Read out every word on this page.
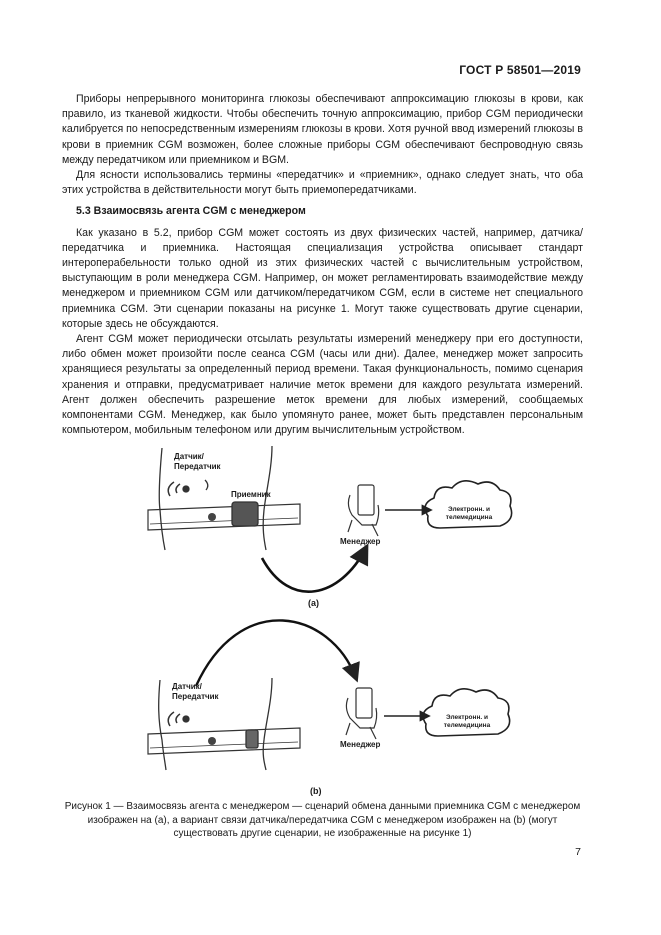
ГОСТ Р 58501—2019

Приборы непрерывного мониторинга глюкозы обеспечивают аппроксимацию глюкозы в крови, как правило, из тканевой жидкости. Чтобы обеспечить точную аппроксимацию, прибор CGM периодически калибруется по непосредственным измерениям глюкозы в крови. Хотя ручной ввод измерений глюкозы в крови в приемник CGM возможен, более сложные приборы CGM обеспечивают беспроводную связь между передатчиком или приемником и BGM.

Для ясности использовались термины «передатчик» и «приемник», однако следует знать, что оба этих устройства в действительности могут быть приемопередатчиками.

5.3 Взаимосвязь агента CGM с менеджером

Как указано в 5.2, прибор CGM может состоять из двух физических частей, например, датчика/передатчика и приемника. Настоящая специализация устройства описывает стандарт интероперабельности только одной из этих физических частей с вычислительным устройством, выступающим в роли менеджера CGM. Например, он может регламентировать взаимодействие между менеджером и приемником CGM или датчиком/передатчиком CGM, если в системе нет специального приемника CGM. Эти сценарии показаны на рисунке 1. Могут также существовать другие сценарии, которые здесь не обсуждаются.

Агент CGM может периодически отсылать результаты измерений менеджеру при его доступности, либо обмен может произойти после сеанса CGM (часы или дни). Далее, менеджер может запросить хранящиеся результаты за определенный период времени. Такая функциональность, помимо сценария хранения и отправки, предусматривает наличие меток времени для каждого результата измерений. Агент должен обеспечить разрешение меток времени для любых измерений, сообщаемых компонентами CGM. Менеджер, как было упомянуто ранее, может быть представлен персональным компьютером, мобильным телефоном или другим вычислительным устройством.

Датчик/ Передатчик
Приемник
Менеджер
Электронн. и телемедицина
(а)
Датчик/ Передатчик
Менеджер
Электронн. и телемедицина
(b)
Рисунок 1 — Взаимосвязь агента с менеджером — сценарий обмена данными приемника CGM с менеджером изображен на (а), а вариант связи датчика/передатчика CGM с менеджером изображен на (b) (могут существовать другие сценарии, не изображенные на рисунке 1)
7
